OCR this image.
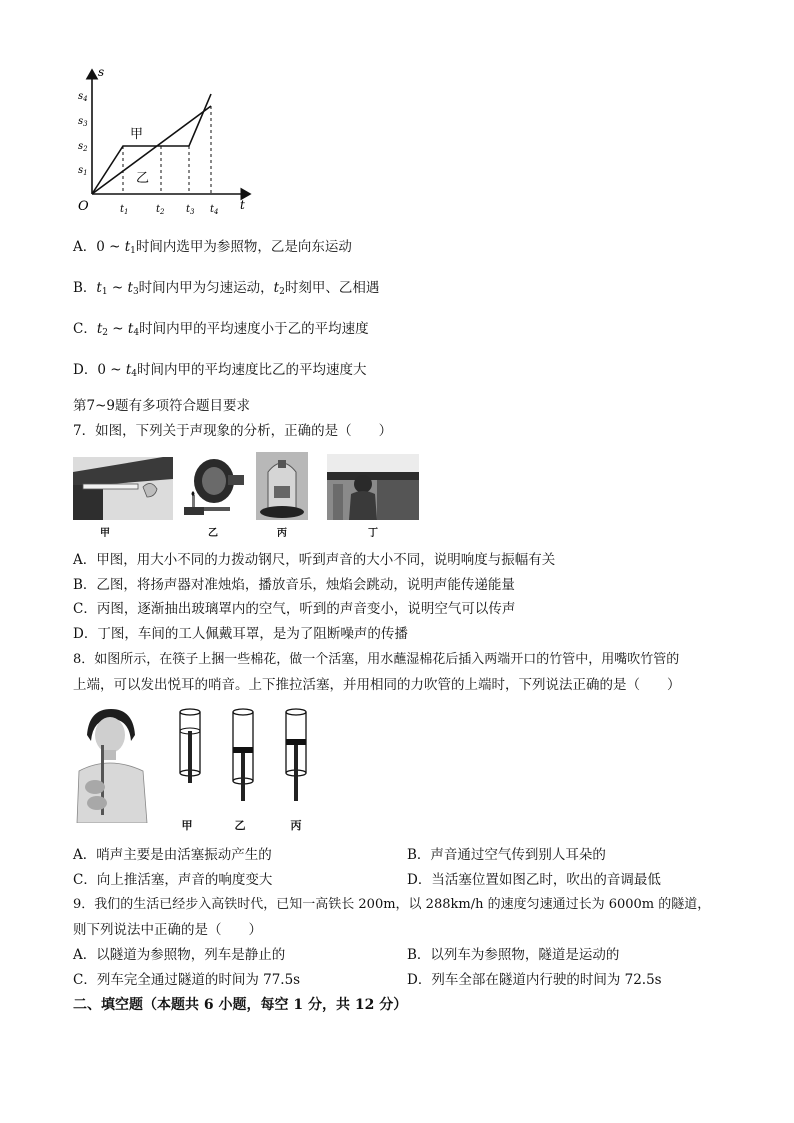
s
t
O
$s_1$
$s_2$
$s_3$
$s_4$
$t_1$	$t_2$ $t_3$ $t_4$
甲
乙
A．0 ~ $t_1$时间内选甲为参照物，乙是向东运动
B．$t_1$ ~ $t_3$时间内甲为匀速运动，$t_2$时刻甲、乙相遇
C．$t_2$ ~ $t_4$时间内甲的平均速度小于乙的平均速度
D．0 ~ $t_4$时间内甲的平均速度比乙的平均速度大
第7~9题有多项符合题目要求
7．如图，下列关于声现象的分析，正确的是（　　）
甲	乙	丙	丁
A．甲图，用大小不同的力拨动钢尺，听到声音的大小不同，说明响度与振幅有关
B．乙图，将扬声器对准烛焰，播放音乐，烛焰会跳动，说明声能传递能量
C．丙图，逐渐抽出玻璃罩内的空气，听到的声音变小，说明空气可以传声
D．丁图，车间的工人佩戴耳罩，是为了阻断噪声的传播
8．如图所示，在筷子上捆一些棉花，做一个活塞，用水蘸湿棉花后插入两端开口的竹管中，用嘴吹竹管的
上端，可以发出悦耳的哨音。上下推拉活塞，并用相同的力吹管的上端时，下列说法正确的是（　　）
甲	乙	丙
A．哨声主要是由活塞振动产生的	B．声音通过空气传到别人耳朵的
C．向上推活塞，声音的响度变大	D．当活塞位置如图乙时，吹出的音调最低
9．我们的生活已经步入高铁时代，已知一高铁长 200m，以 288km/h 的速度匀速通过长为 6000m 的隧道，
则下列说法中正确的是（　　）
A．以隧道为参照物，列车是静止的	B．以列车为参照物，隧道是运动的
C．列车完全通过隧道的时间为 77.5s	D．列车全部在隧道内行驶的时间为 72.5s
二、填空题（本题共 6 小题，每空 1 分，共 12 分）
